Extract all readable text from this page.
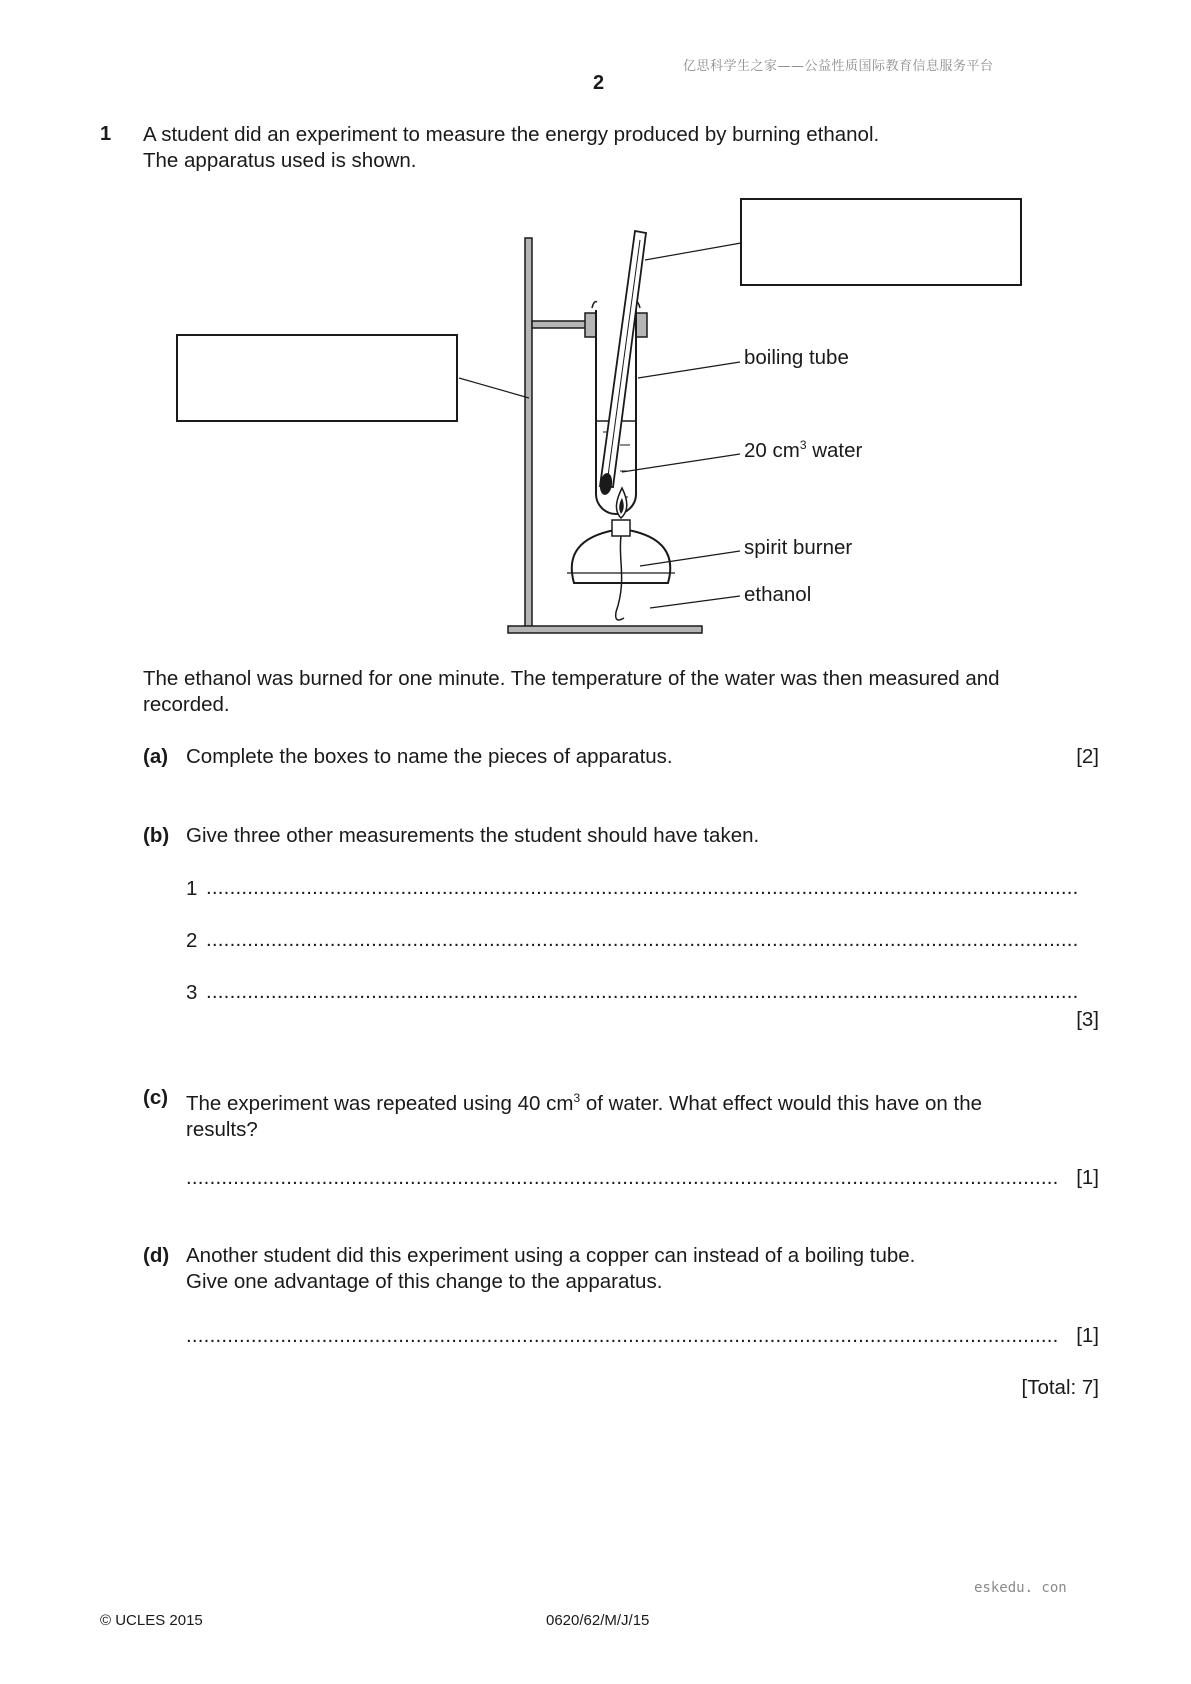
亿思科学生之家——公益性质国际教育信息服务平台
2
1 A student did an experiment to measure the energy produced by burning ethanol.
The apparatus used is shown.
boiling tube
20 $cm^3$ water
spirit burner
ethanol
The ethanol was burned for one minute. The temperature of the water was then measured and
recorded.
(a) Complete the boxes to name the pieces of apparatus.	[2]
(b) Give three other measurements the student should have taken.
1 ....................................................................................................................................................
2 ....................................................................................................................................................
3 ....................................................................................................................................................
[3]
(c) The experiment was repeated using 40 $cm^3$ of water. What effect would this have on the
results?
.................................................................................................................................................... [1]
(d) Another student did this experiment using a copper can instead of a boiling tube.
Give one advantage of this change to the apparatus.
.................................................................................................................................................... [1]
[Total: 7]
eskedu. con
© UCLES 2015	0620/62/M/J/15
